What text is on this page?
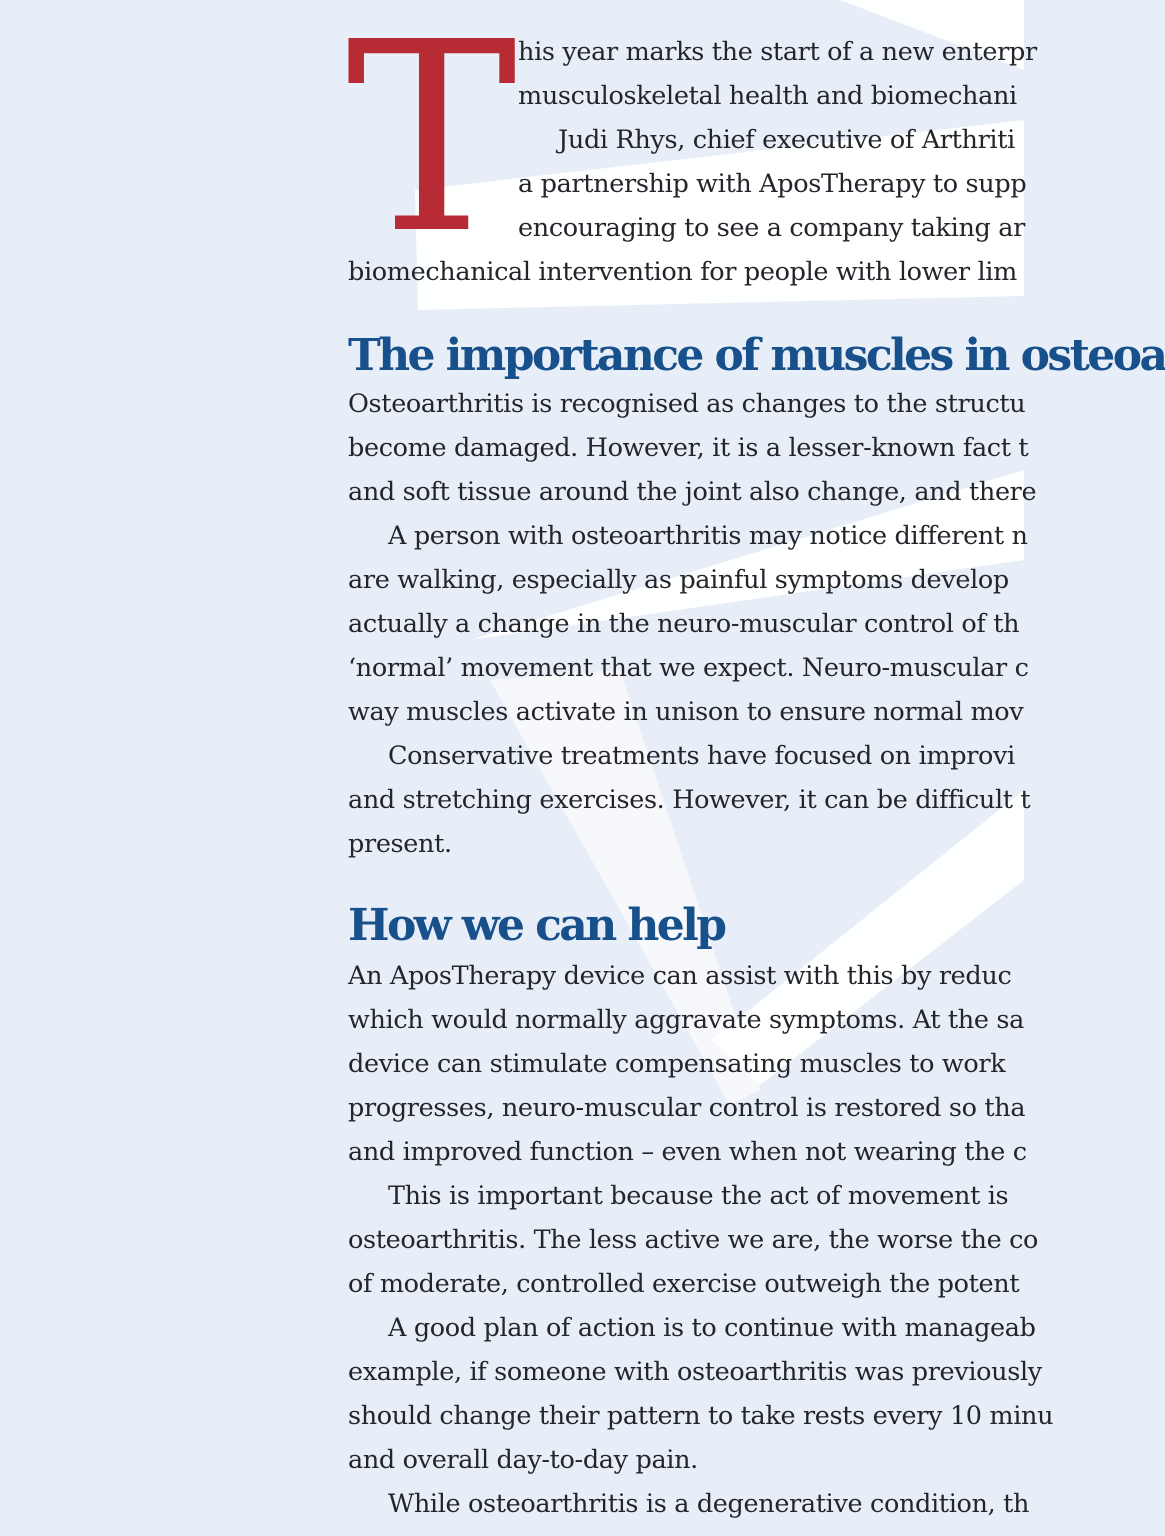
T his year marks the start of a new enterpr
musculoskeletal health and biomechani
Judi Rhys, chief executive of Arthriti
a partnership with AposTherapy to supp
encouraging to see a company taking ar
biomechanical intervention for people with lower lim
The importance of muscles in osteoa
Osteoarthritis is recognised as changes to the structu
become damaged. However, it is a lesser-known fact t
and soft tissue around the joint also change, and there
A person with osteoarthritis may notice different n
are walking, especially as painful symptoms develop
actually a change in the neuro-muscular control of th
‘normal’ movement that we expect. Neuro-muscular c
way muscles activate in unison to ensure normal mov
Conservative treatments have focused on improvi
and stretching exercises. However, it can be difficult t
present.
How we can help
An AposTherapy device can assist with this by reduc
which would normally aggravate symptoms. At the sa
device can stimulate compensating muscles to work
progresses, neuro-muscular control is restored so tha
and improved function – even when not wearing the c
This is important because the act of movement is
osteoarthritis. The less active we are, the worse the co
of moderate, controlled exercise outweigh the potent
A good plan of action is to continue with manageab
example, if someone with osteoarthritis was previously
should change their pattern to take rests every 10 minu
and overall day-to-day pain.
While osteoarthritis is a degenerative condition, th
